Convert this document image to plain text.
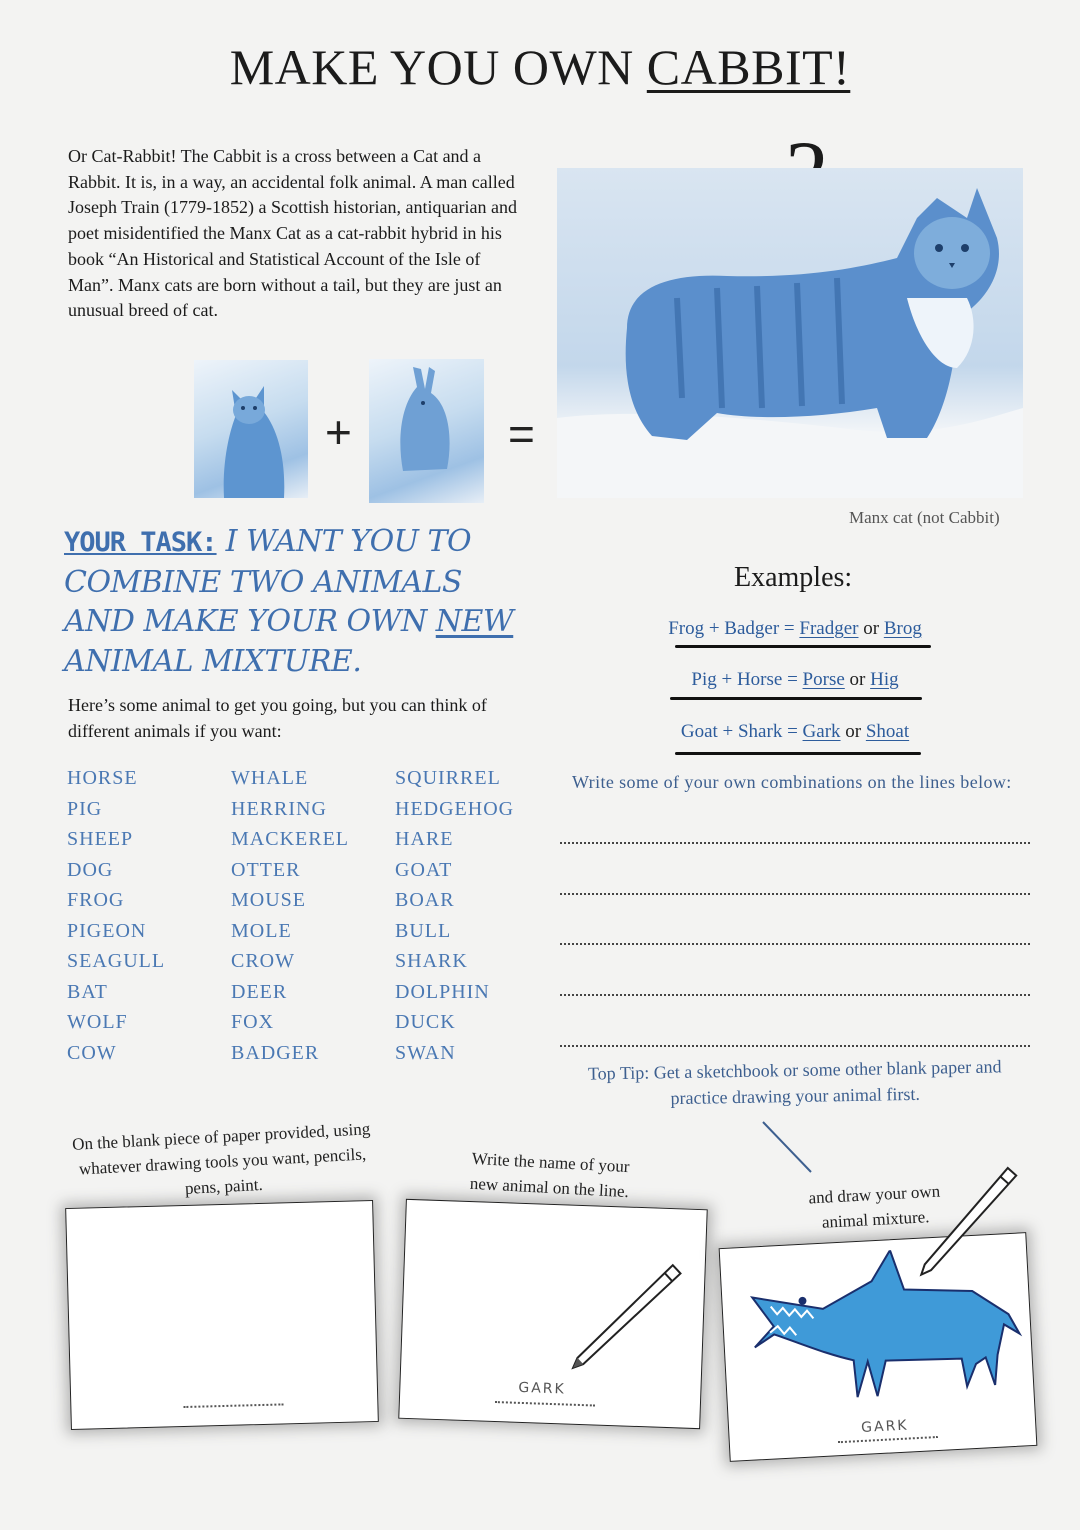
MAKE YOU OWN CABBIT!
Or Cat-Rabbit! The Cabbit is a cross between a Cat and a Rabbit. It is, in a way, an accidental folk animal. A man called Joseph Train (1779-1852) a Scottish historian, antiquarian and poet misidentified the Manx Cat as a cat-rabbit hybrid in his book “An Historical and Statistical Account of the Isle of Man”. Manx cats are born without a tail, but they are just an unusual breed of cat.
+	=
Manx cat (not Cabbit)
YOUR TASK: I WANT YOU TO
COMBINE TWO ANIMALS
AND MAKE YOUR OWN NEW
ANIMAL MIXTURE.
Here’s some animal to get you going, but you can think of different animals if you want:
HORSE
PIG
SHEEP
DOG
FROG
PIGEON
SEAGULL
BAT
WOLF
COW
WHALE
HERRING
MACKEREL
OTTER
MOUSE
MOLE
CROW
DEER
FOX
BADGER
SQUIRREL
HEDGEHOG
HARE
GOAT
BOAR
BULL
SHARK
DOLPHIN
DUCK
SWAN
Examples:
Frog + Badger = Fradger or Brog
Pig + Horse = Porse or Hig
Goat + Shark = Gark or Shoat
Write some of your own combinations on the lines below:
Top Tip: Get a sketchbook or some other blank paper and practice drawing your animal first.
On the blank piece of paper provided, using whatever drawing tools you want, pencils, pens, paint.
Write the name of your new animal on the line.	and draw your own animal mixture.
GARK
GARK
